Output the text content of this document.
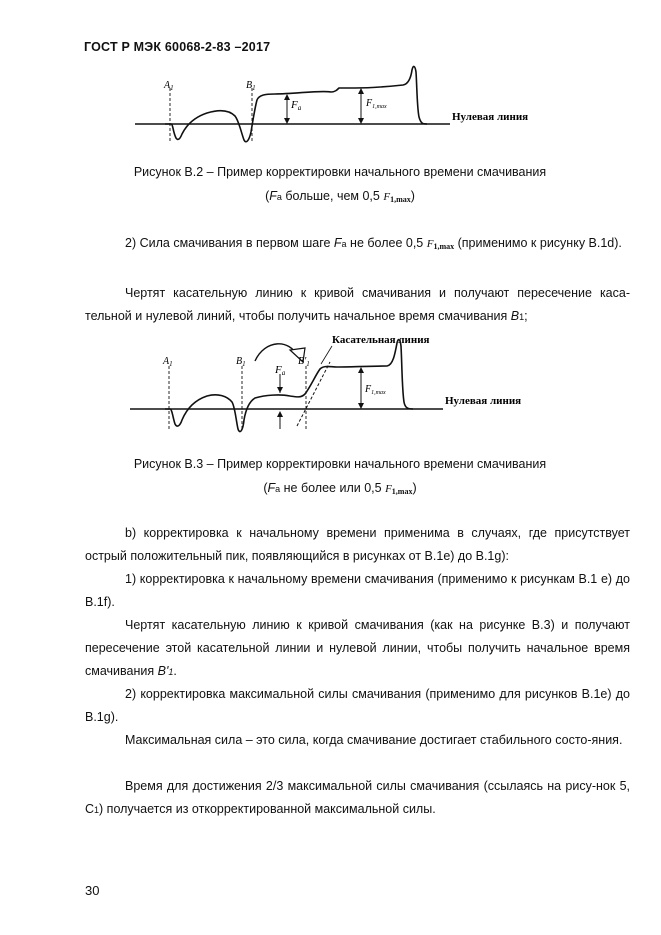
ГОСТ Р МЭК 60068-2-83 –2017
$A_1$	$B_1$
Fa	$F_{1,max}$
Нулевая линия
Рисунок В.2 – Пример корректировки начального времени смачивания
(Fa больше, чем 0,5 $F_{1,max}$)
2) Сила смачивания в первом шаге Fa не более 0,5 $F_{1,max}$ (применимо к рисунку В.1d).
Чертят касательную линию к кривой смачивания и получают пересечение каса-тельной и нулевой линий, чтобы получить начальное время смачивания B1;
$A_1$	$B_1$	$B'_1$
Fa
$F_{1,max}$
Касательная линия
Нулевая линия
Рисунок В.3 – Пример корректировки начального времени смачивания
(Fa не более или 0,5 $F_{1,max}$)
b) корректировка к начальному времени применима в случаях, где присутствует острый положительный пик, появляющийся в рисунках от В.1е) до В.1g):
1) корректировка к начальному времени смачивания (применимо к рисункам В.1 е) до В.1f).
Чертят касательную линию к кривой смачивания (как на рисунке В.3) и получают пересечение этой касательной линии и нулевой линии, чтобы получить начальное время смачивания B'1.
2) корректировка максимальной силы смачивания (применимо для рисунков В.1е) до В.1g).
Максимальная сила – это сила, когда смачивание достигает стабильного состо-яния.
Время для достижения 2/3 максимальной силы смачивания (ссылаясь на рису-нок 5, С1) получается из откорректированной максимальной силы.
30
